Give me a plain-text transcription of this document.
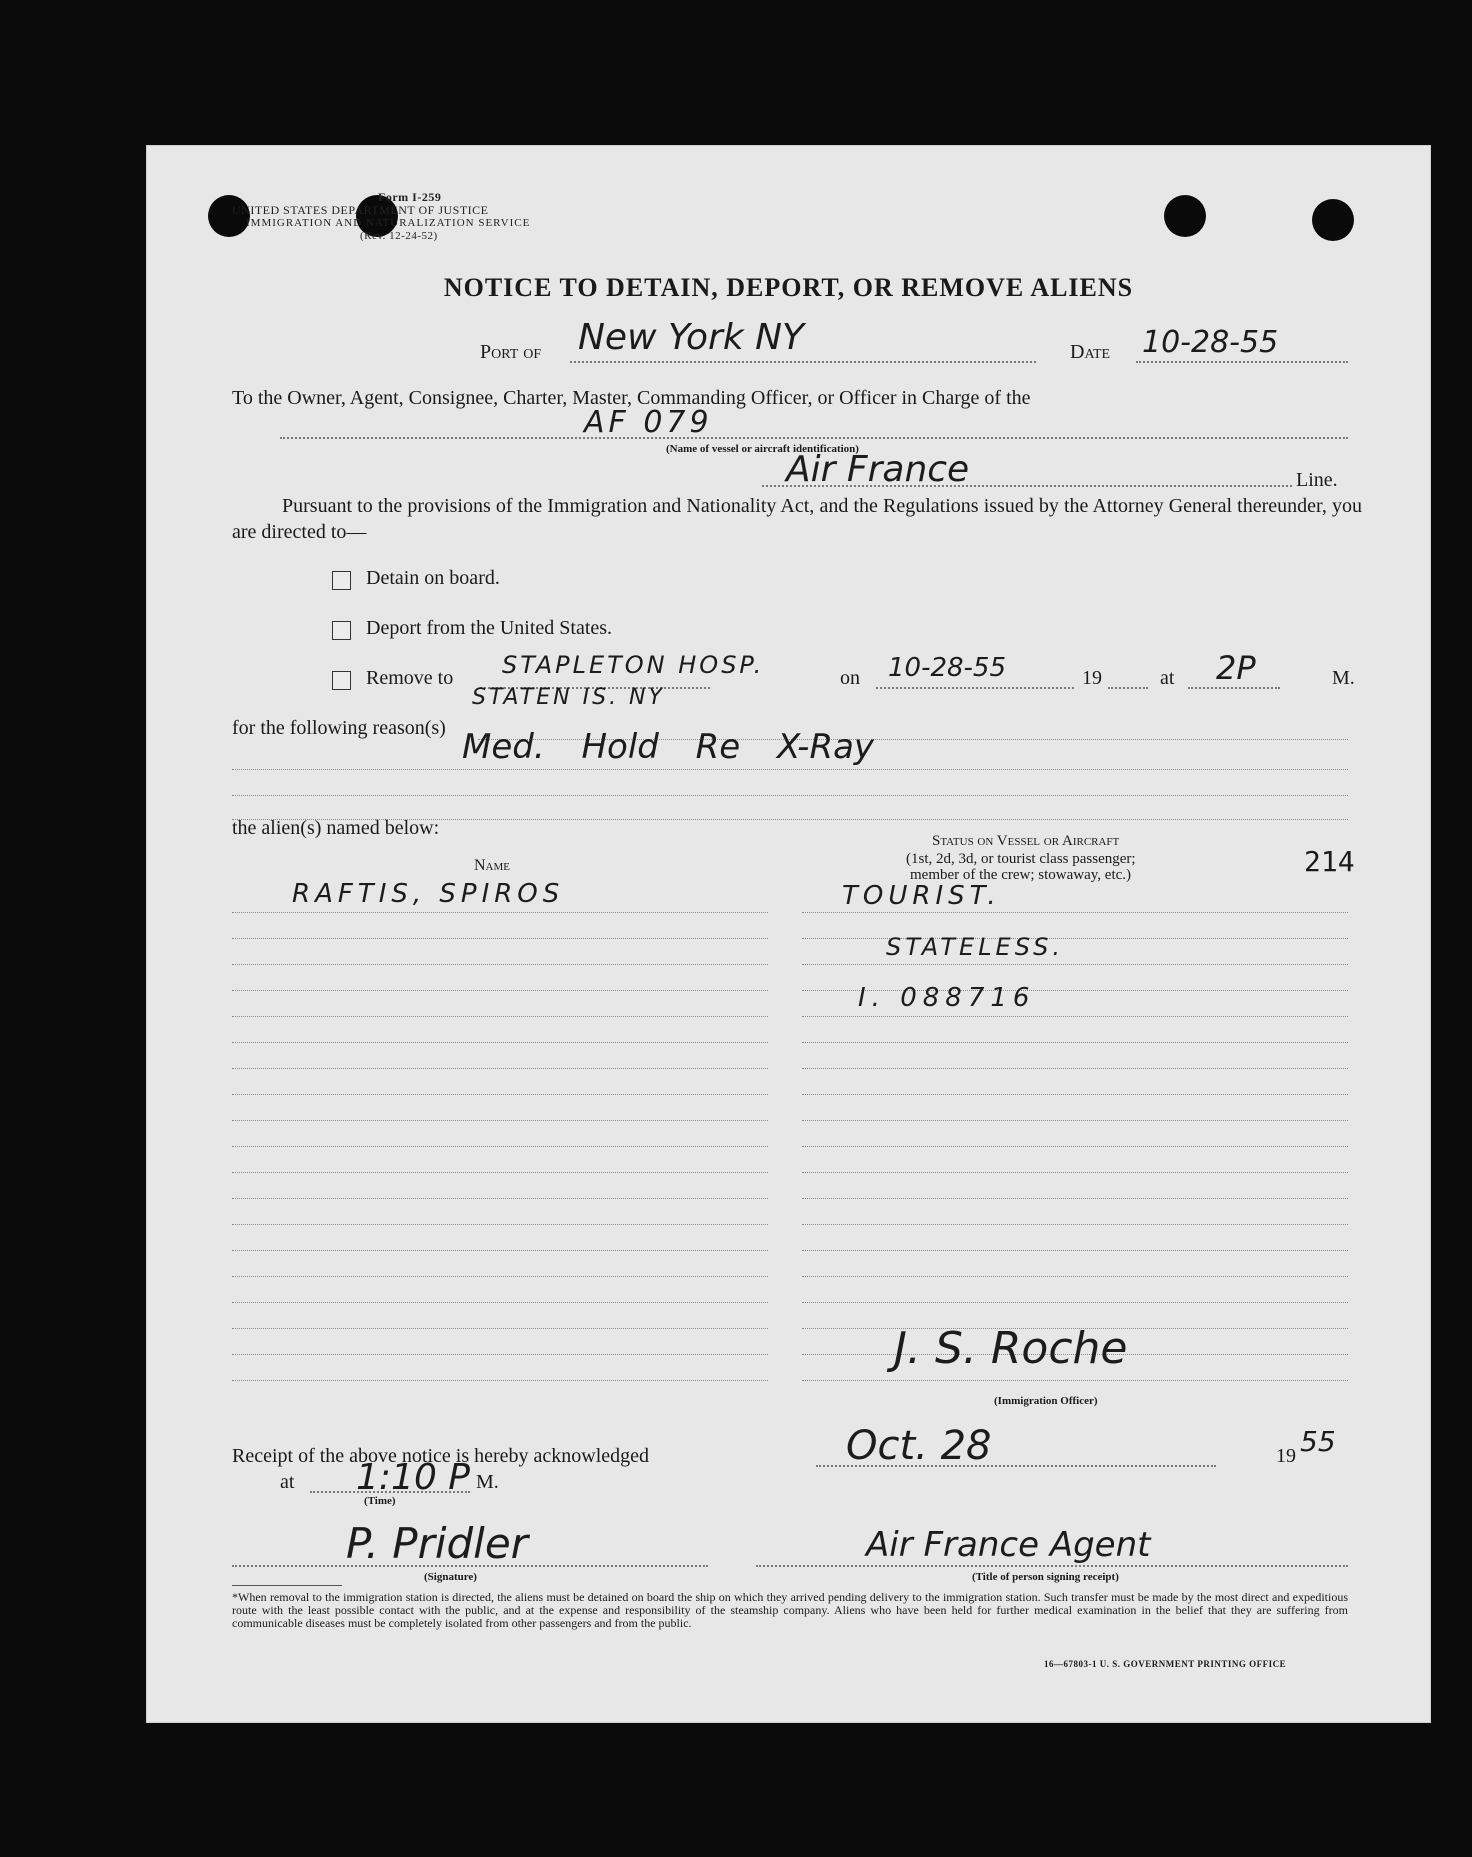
Form I-259
UNITED STATES DEPARTMENT OF JUSTICE
IMMIGRATION AND NATURALIZATION SERVICE
(Rev. 12-24-52)
NOTICE TO DETAIN, DEPORT, OR REMOVE ALIENS
Port of New York NY	Date 10-28-55
To the Owner, Agent, Consignee, Charter, Master, Commanding Officer, or Officer in Charge of the
AF 079
(Name of vessel or aircraft identification)
Air France	Line.
Pursuant to the provisions of the Immigration and Nationality Act, and the Regulations issued by the Attorney General thereunder, you are directed to—
Detain on board.
Deport from the United States.
Remove to STAPLETON HOSP.
STATEN IS. NY
on 10-28-55	19	at 2P	M.
for the following reason(s) Med. Hold Re X-Ray
the alien(s) named below:
Name
Status on Vessel or Aircraft
(1st, 2d, 3d, or tourist class passenger;
member of the crew; stowaway, etc.)	214
RAFTIS, SPIROS	TOURIST.
STATELESS.
I. 088716
J. S. Roche
(Immigration Officer)
Receipt of the above notice is hereby acknowledged	Oct. 28	19 55
at 1:10 P M.
(Time)
P. Pridler
(Signature)
Air France Agent
(Title of person signing receipt)
*When removal to the immigration station is directed, the aliens must be detained on board the ship on which they arrived pending delivery to the immigration station. Such transfer must be made by the most direct and expeditious route with the least possible contact with the public, and at the expense and responsibility of the steamship company. Aliens who have been held for further medical examination in the belief that they are suffering from communicable diseases must be completely isolated from other passengers and from the public.
16—67803-1 U. S. GOVERNMENT PRINTING OFFICE
